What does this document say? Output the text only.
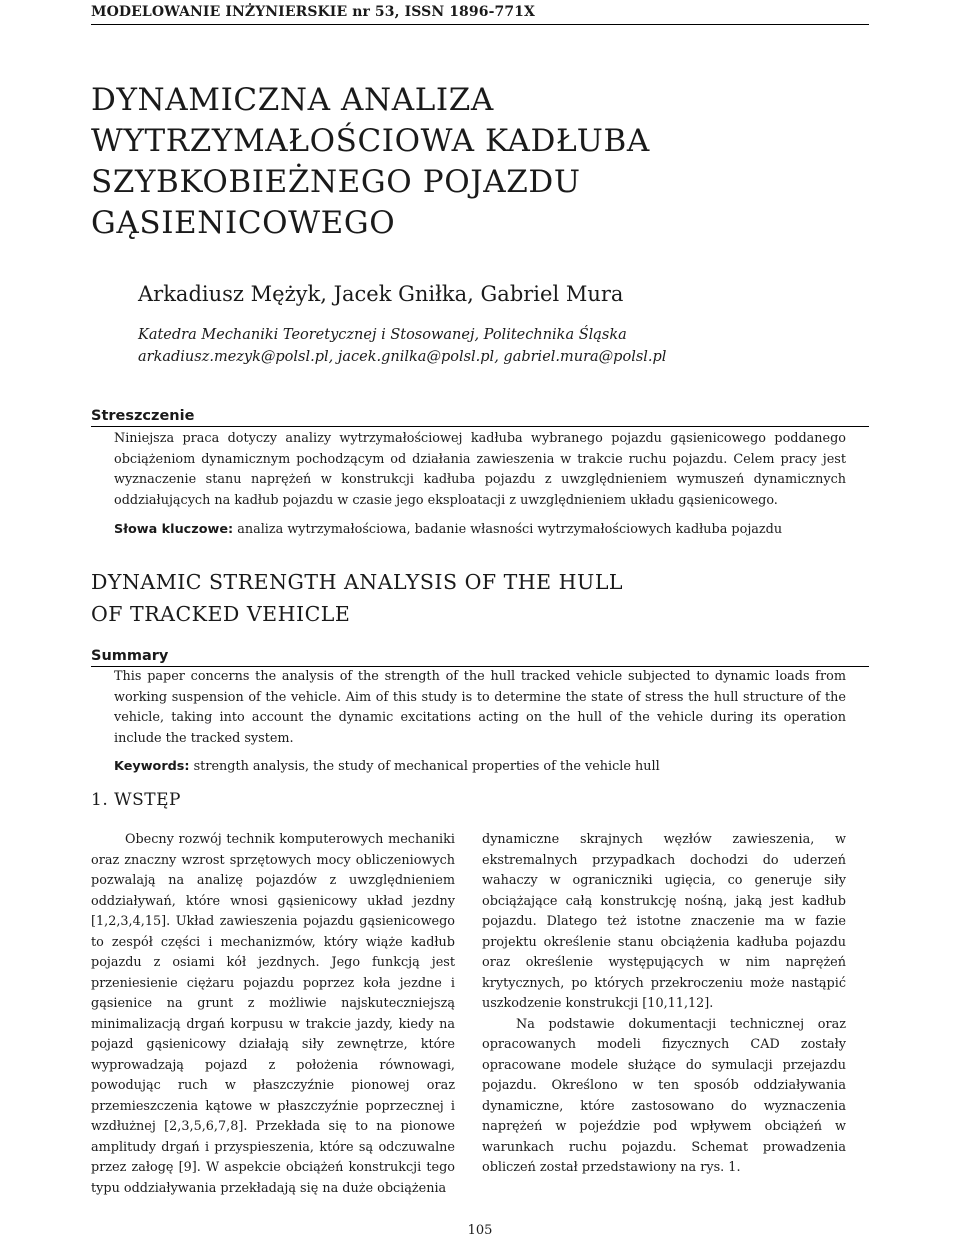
MODELOWANIE INŻYNIERSKIE nr 53, ISSN 1896-771X
DYNAMICZNA ANALIZA
WYTRZYMAŁOŚCIOWA KADŁUBA
SZYBKOBIEŻNEGO POJAZDU
GĄSIENICOWEGO
Arkadiusz Mężyk, Jacek Gniłka, Gabriel Mura
Katedra Mechaniki Teoretycznej i Stosowanej, Politechnika Śląska
arkadiusz.mezyk@polsl.pl, jacek.gnilka@polsl.pl, gabriel.mura@polsl.pl
Streszczenie

Niniejsza praca dotyczy analizy wytrzymałościowej kadłuba wybranego pojazdu gąsienicowego poddanego obciążeniom dynamicznym pochodzącym od działania zawieszenia w trakcie ruchu pojazdu. Celem pracy jest wyznaczenie stanu naprężeń w konstrukcji kadłuba pojazdu z uwzględnieniem wymuszeń dynamicznych oddziałujących na kadłub pojazdu w czasie jego eksploatacji z uwzględnieniem układu gąsienicowego.

Słowa kluczowe: analiza wytrzymałościowa, badanie własności wytrzymałościowych kadłuba pojazdu
DYNAMIC STRENGTH ANALYSIS OF THE HULL
OF TRACKED VEHICLE
Summary

This paper concerns the analysis of the strength of the hull tracked vehicle subjected to dynamic loads from working suspension of the vehicle. Aim of this study is to determine the state of stress the hull structure of the vehicle, taking into account the dynamic excitations acting on the hull of the vehicle during its operation include the tracked system.

Keywords: strength analysis, the study of mechanical properties of the vehicle hull
1. WSTĘP

Obecny rozwój technik komputerowych mechaniki oraz znaczny wzrost sprzętowych mocy obliczeniowych pozwalają na analizę pojazdów z uwzględnieniem oddziaływań, które wnosi gąsienicowy układ jezdny [1,2,3,4,15]. Układ zawieszenia pojazdu gąsienicowego to zespół części i mechanizmów, który wiąże kadłub pojazdu z osiami kół jezdnych. Jego funkcją jest przeniesienie ciężaru pojazdu poprzez koła jezdne i gąsienice na grunt z możliwie najskuteczniejszą minimalizacją drgań korpusu w trakcie jazdy, kiedy na pojazd gąsienicowy działają siły zewnętrze, które wyprowadzają pojazd z położenia równowagi, powodując ruch w płaszczyźnie pionowej oraz przemieszczenia kątowe w płaszczyźnie poprzecznej i wzdłużnej [2,3,5,6,7,8]. Przekłada się to na pionowe amplitudy drgań i przyspieszenia, które są odczuwalne przez załogę [9]. W aspekcie obciążeń konstrukcji tego typu oddziaływania przekładają się na duże obciążenia

dynamiczne skrajnych węzłów zawieszenia, w ekstremalnych przypadkach dochodzi do uderzeń wahaczy w ograniczniki ugięcia, co generuje siły obciążające całą konstrukcję nośną, jaką jest kadłub pojazdu. Dlatego też istotne znaczenie ma w fazie projektu określenie stanu obciążenia kadłuba pojazdu oraz określenie występujących w nim naprężeń krytycznych, po których przekroczeniu może nastąpić uszkodzenie konstrukcji [10,11,12].

Na podstawie dokumentacji technicznej oraz opracowanych modeli fizycznych CAD zostały opracowane modele służące do symulacji przejazdu pojazdu. Określono w ten sposób oddziaływania dynamiczne, które zastosowano do wyznaczenia naprężeń w pojeździe pod wpływem obciążeń w warunkach ruchu pojazdu. Schemat prowadzenia obliczeń został przedstawiony na rys. 1.

105
